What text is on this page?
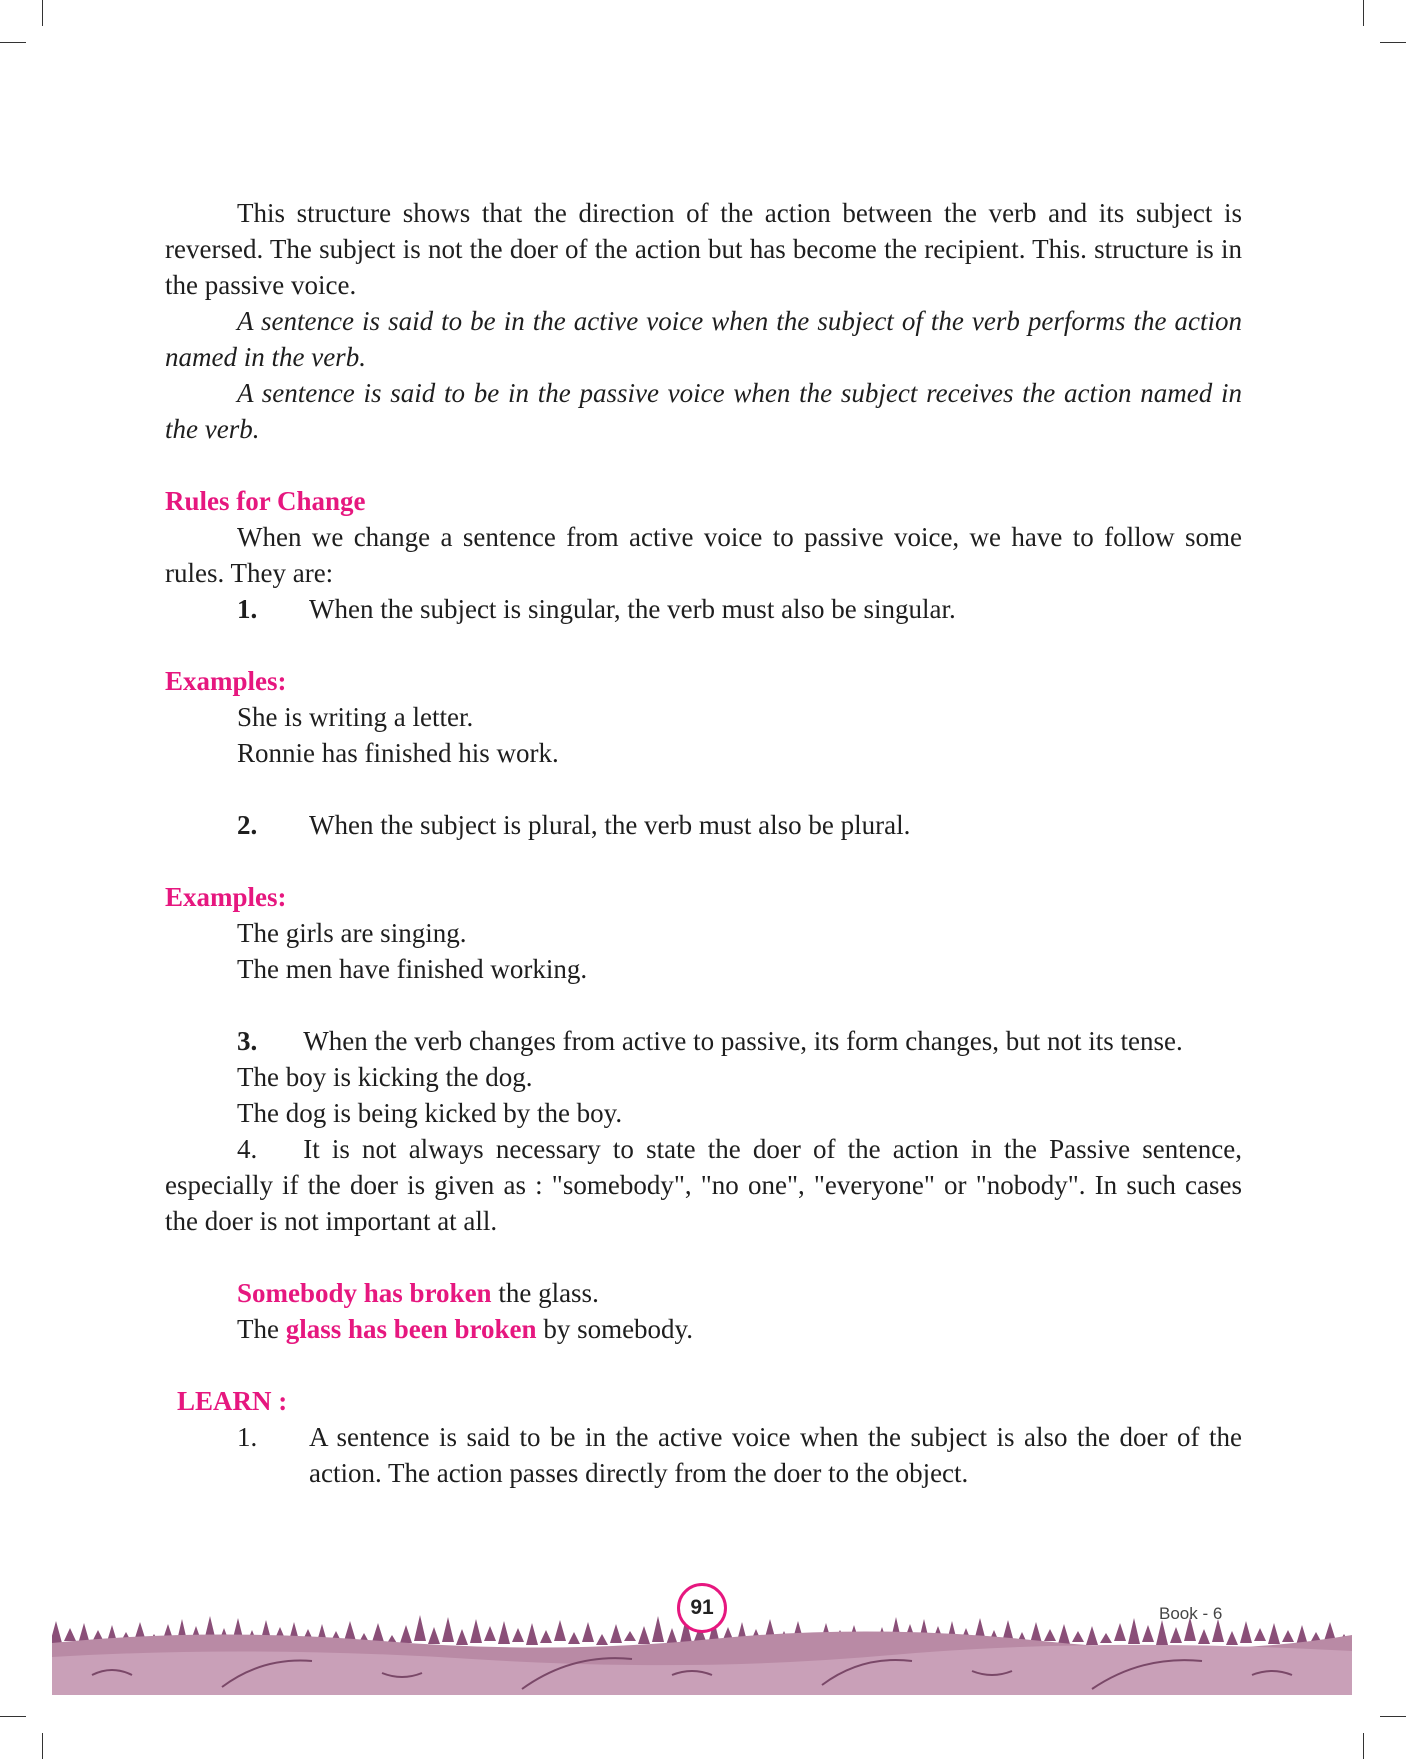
This structure shows that the direction of the action between the verb and its subject is reversed. The subject is not the doer of the action but has become the recipient. This. structure is in the passive voice.

A sentence is said to be in the active voice when the subject of the verb performs the action named in the verb.

A sentence is said to be in the passive voice when the subject receives the action named in the verb.

Rules for Change

When we change a sentence from active voice to passive voice, we have to follow some rules. They are:

1.	When the subject is singular, the verb must also be singular.

Examples:

She is writing a letter.

Ronnie has finished his work.

2.	When the subject is plural, the verb must also be plural.

Examples:

The girls are singing.

The men have finished working.

3. When the verb changes from active to passive, its form changes, but not its tense.

The boy is kicking the dog.

The dog is being kicked by the boy.

4. It is not always necessary to state the doer of the action in the Passive sentence, especially if the doer is given as : "somebody", "no one", "everyone" or "nobody". In such cases the doer is not important at all.

Somebody has broken the glass.

The glass has been broken by somebody.

LEARN :

1.	A sentence is said to be in the active voice when the subject is also the doer of the action. The action passes directly from the doer to the object.
91	Book - 6
